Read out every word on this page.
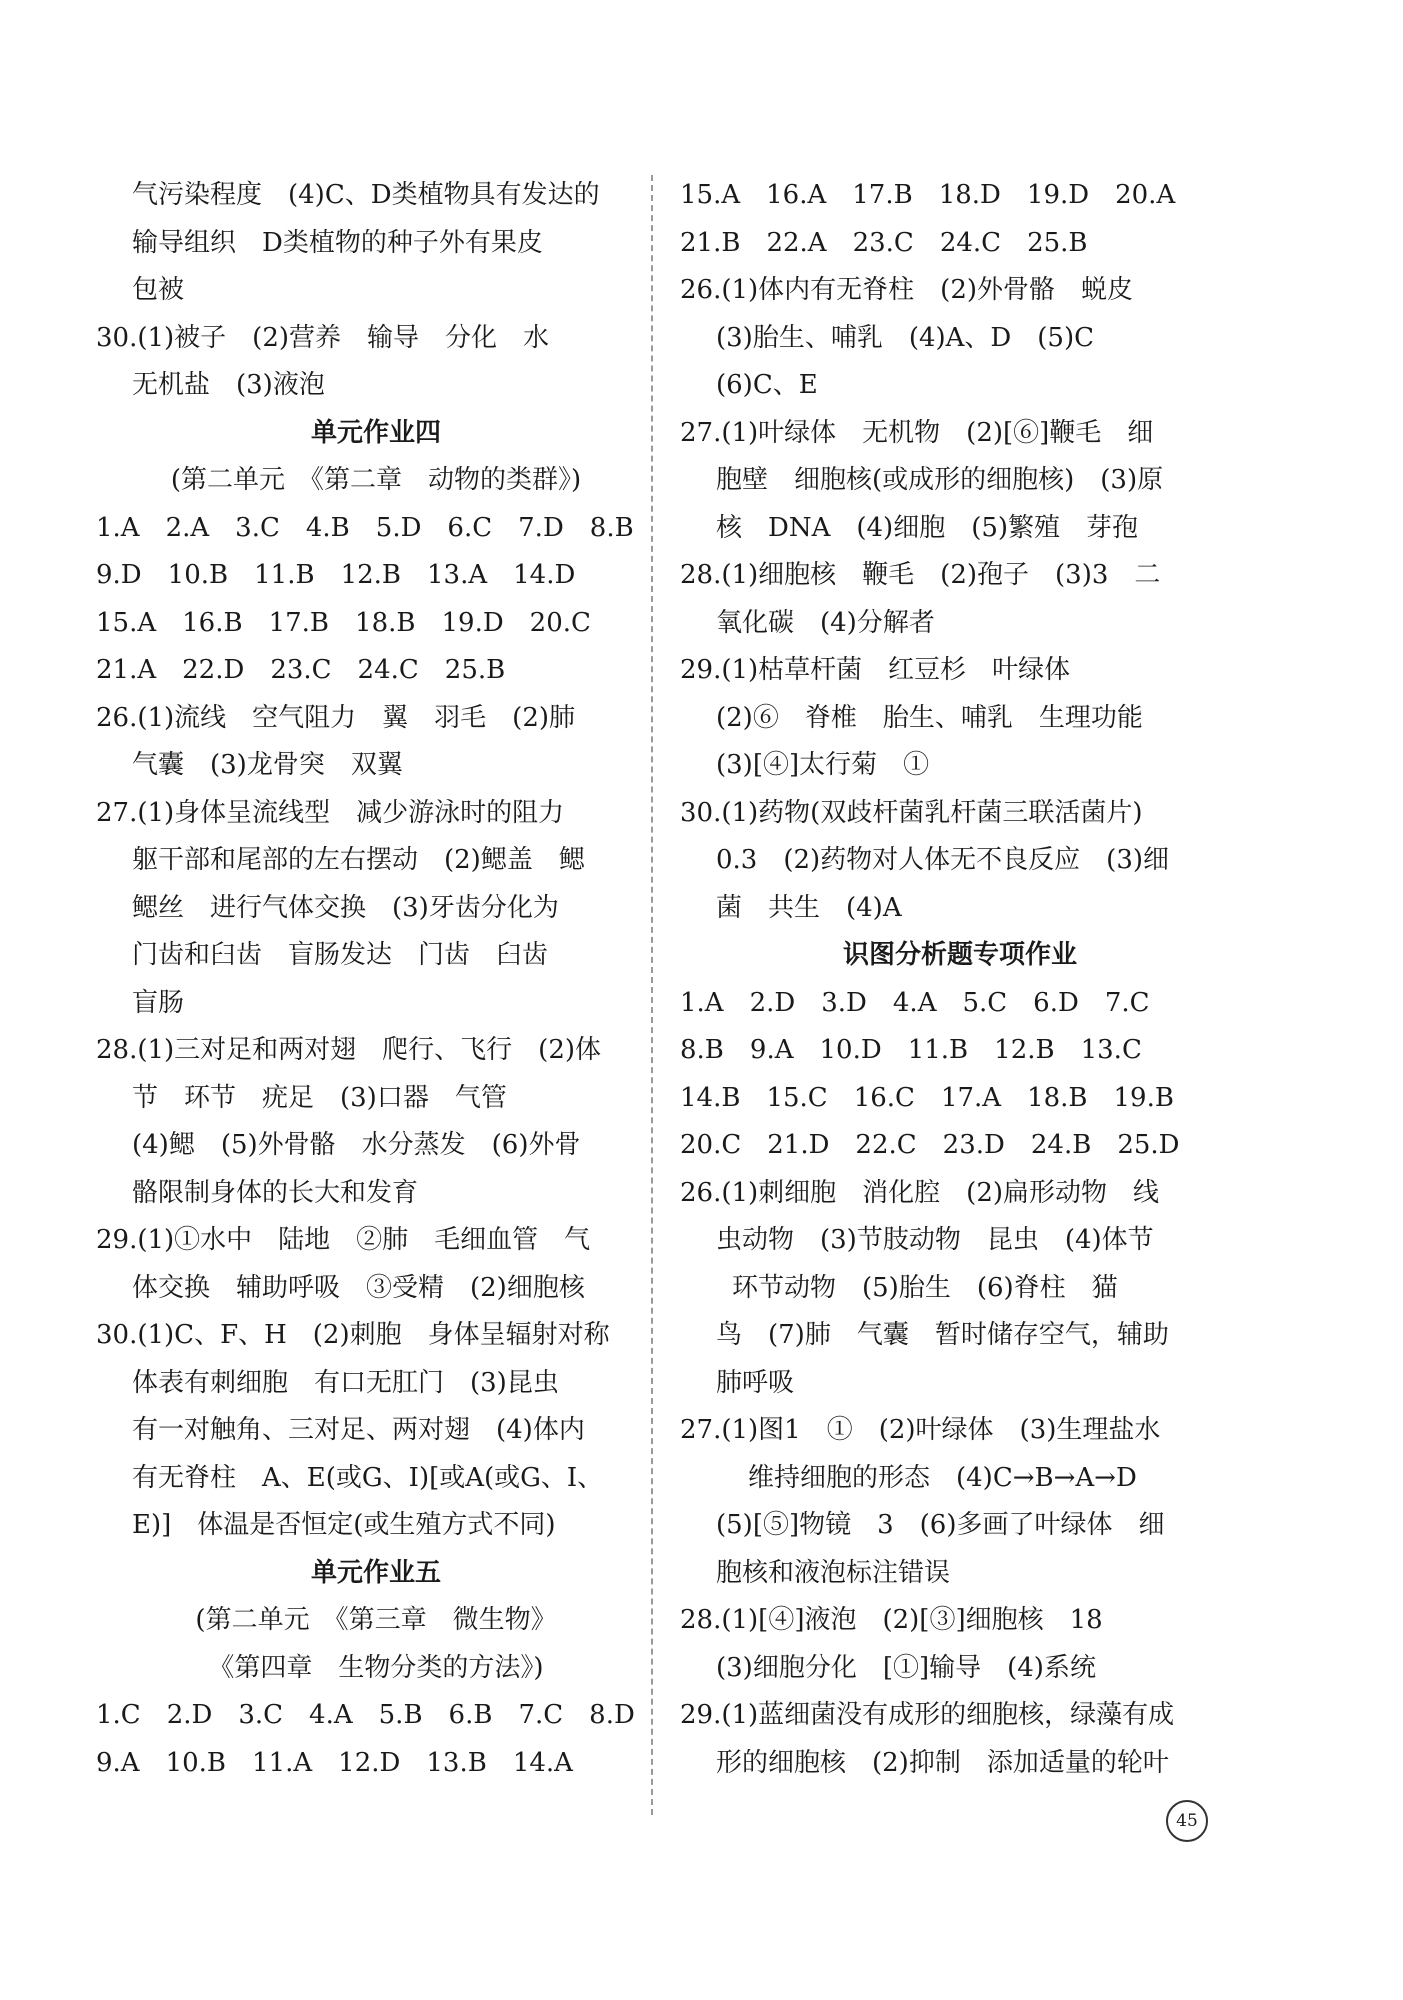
气污染程度　(4)C、D类植物具有发达的
输导组织　D类植物的种子外有果皮
包被
30.(1)被子　(2)营养　输导　分化　水
无机盐　(3)液泡
单元作业四
(第二单元　《第二章　动物的类群》)
1.A　2.A　3.C　4.B　5.D　6.C　7.D　8.B
9.D　10.B　11.B　12.B　13.A　14.D
15.A　16.B　17.B　18.B　19.D　20.C
21.A　22.D　23.C　24.C　25.B
26.(1)流线　空气阻力　翼　羽毛　(2)肺
气囊　(3)龙骨突　双翼
27.(1)身体呈流线型　减少游泳时的阻力
躯干部和尾部的左右摆动　(2)鳃盖　鳃
鳃丝　进行气体交换　(3)牙齿分化为
门齿和臼齿　盲肠发达　门齿　臼齿
盲肠
28.(1)三对足和两对翅　爬行、飞行　(2)体
节　环节　疣足　(3)口器　气管
(4)鳃　(5)外骨骼　水分蒸发　(6)外骨
骼限制身体的长大和发育
29.(1)①水中　陆地　②肺　毛细血管　气
体交换　辅助呼吸　③受精　(2)细胞核
30.(1)C、F、H　(2)刺胞　身体呈辐射对称
体表有刺细胞　有口无肛门　(3)昆虫
有一对触角、三对足、两对翅　(4)体内
有无脊柱　A、E(或G、I)[或A(或G、I、
E)]　体温是否恒定(或生殖方式不同)
单元作业五
(第二单元　《第三章　微生物》
《第四章　生物分类的方法》)
1.C　2.D　3.C　4.A　5.B　6.B　7.C　8.D
9.A　10.B　11.A　12.D　13.B　14.A
15.A　16.A　17.B　18.D　19.D　20.A
21.B　22.A　23.C　24.C　25.B
26.(1)体内有无脊柱　(2)外骨骼　蜕皮
(3)胎生、哺乳　(4)A、D　(5)C
(6)C、E
27.(1)叶绿体　无机物　(2)[⑥]鞭毛　细
胞壁　细胞核(或成形的细胞核)　(3)原
核　DNA　(4)细胞　(5)繁殖　芽孢
28.(1)细胞核　鞭毛　(2)孢子　(3)3　二
氧化碳　(4)分解者
29.(1)枯草杆菌　红豆杉　叶绿体
(2)⑥　脊椎　胎生、哺乳　生理功能
(3)[④]太行菊　①
30.(1)药物(双歧杆菌乳杆菌三联活菌片)
0.3　(2)药物对人体无不良反应　(3)细
菌　共生　(4)A
识图分析题专项作业
1.A　2.D　3.D　4.A　5.C　6.D　7.C
8.B　9.A　10.D　11.B　12.B　13.C
14.B　15.C　16.C　17.A　18.B　19.B
20.C　21.D　22.C　23.D　24.B　25.D
26.(1)刺细胞　消化腔　(2)扁形动物　线
虫动物　(3)节肢动物　昆虫　(4)体节
环节动物　(5)胎生　(6)脊柱　猫
鸟　(7)肺　气囊　暂时储存空气，辅助
肺呼吸
27.(1)图1　①　(2)叶绿体　(3)生理盐水
维持细胞的形态　(4)C→B→A→D
(5)[⑤]物镜　3　(6)多画了叶绿体　细
胞核和液泡标注错误
28.(1)[④]液泡　(2)[③]细胞核　18
(3)细胞分化　[①]输导　(4)系统
29.(1)蓝细菌没有成形的细胞核，绿藻有成
形的细胞核　(2)抑制　添加适量的轮叶
45
